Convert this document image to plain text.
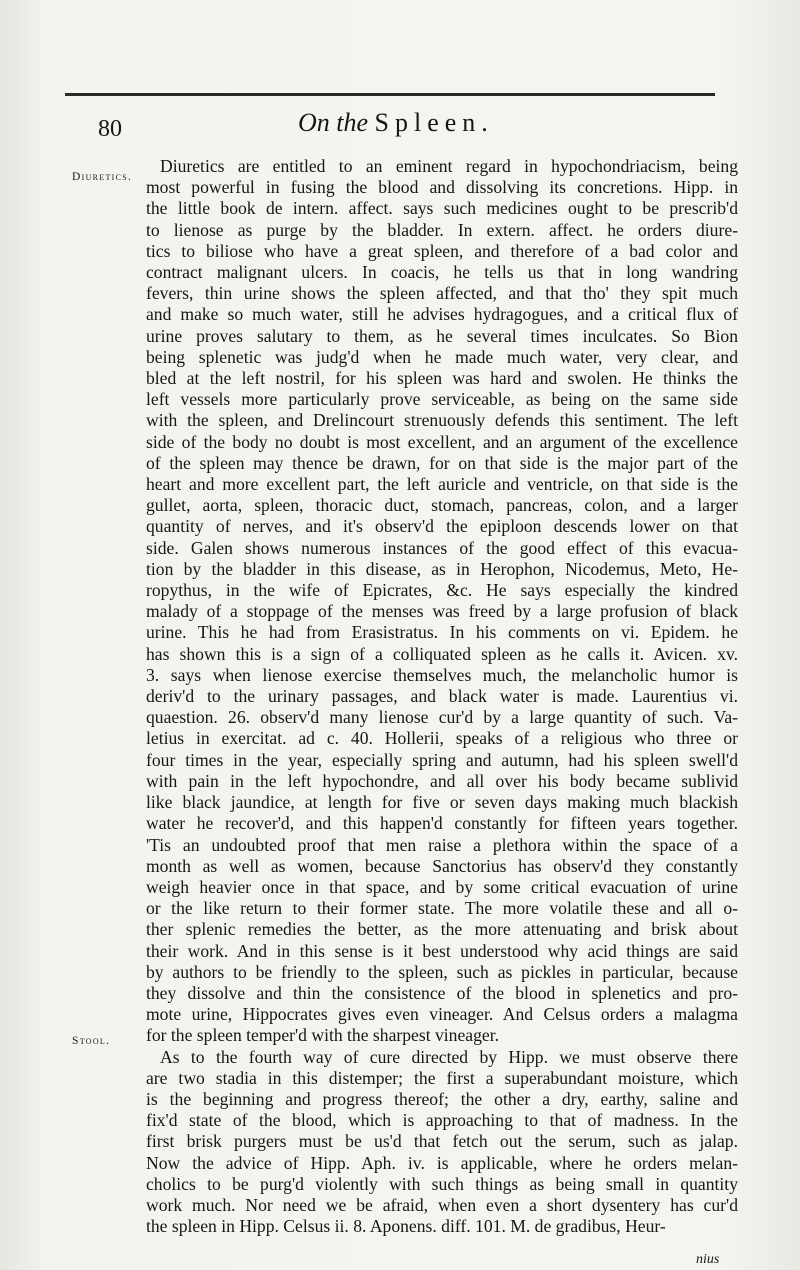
80	On the Spleen.
Diuretics.
Stool.
Diuretics are entitled to an eminent regard in hypochondriacism, being
most powerful in fusing the blood and dissolving its concretions. Hipp. in
the little book de intern. affect. says such medicines ought to be prescrib'd
to lienose as purge by the bladder. In extern. affect. he orders diure-
tics to biliose who have a great spleen, and therefore of a bad color and
contract malignant ulcers. In coacis, he tells us that in long wandring
fevers, thin urine shows the spleen affected, and that tho' they spit much
and make so much water, still he advises hydragogues, and a critical flux of
urine proves salutary to them, as he several times inculcates. So Bion
being splenetic was judg'd when he made much water, very clear, and
bled at the left nostril, for his spleen was hard and swolen. He thinks the
left vessels more particularly prove serviceable, as being on the same side
with the spleen, and Drelincourt strenuously defends this sentiment. The left
side of the body no doubt is most excellent, and an argument of the excellence
of the spleen may thence be drawn, for on that side is the major part of the
heart and more excellent part, the left auricle and ventricle, on that side is the
gullet, aorta, spleen, thoracic duct, stomach, pancreas, colon, and a larger
quantity of nerves, and it's observ'd the epiploon descends lower on that
side. Galen shows numerous instances of the good effect of this evacua-
tion by the bladder in this disease, as in Herophon, Nicodemus, Meto, He-
ropythus, in the wife of Epicrates, &c. He says especially the kindred
malady of a stoppage of the menses was freed by a large profusion of black
urine. This he had from Erasistratus. In his comments on vi. Epidem. he
has shown this is a sign of a colliquated spleen as he calls it. Avicen. xv.
3. says when lienose exercise themselves much, the melancholic humor is
deriv'd to the urinary passages, and black water is made. Laurentius vi.
quaestion. 26. observ'd many lienose cur'd by a large quantity of such. Va-
letius in exercitat. ad c. 40. Hollerii, speaks of a religious who three or
four times in the year, especially spring and autumn, had his spleen swell'd
with pain in the left hypochondre, and all over his body became sublivid
like black jaundice, at length for five or seven days making much blackish
water he recover'd, and this happen'd constantly for fifteen years together.
'Tis an undoubted proof that men raise a plethora within the space of a
month as well as women, because Sanctorius has observ'd they constantly
weigh heavier once in that space, and by some critical evacuation of urine
or the like return to their former state. The more volatile these and all o-
ther splenic remedies the better, as the more attenuating and brisk about
their work. And in this sense is it best understood why acid things are said
by authors to be friendly to the spleen, such as pickles in particular, because
they dissolve and thin the consistence of the blood in splenetics and pro-
mote urine, Hippocrates gives even vineager. And Celsus orders a malagma
for the spleen temper'd with the sharpest vineager.
As to the fourth way of cure directed by Hipp. we must observe there
are two stadia in this distemper; the first a superabundant moisture, which
is the beginning and progress thereof; the other a dry, earthy, saline and
fix'd state of the blood, which is approaching to that of madness. In the
first brisk purgers must be us'd that fetch out the serum, such as jalap.
Now the advice of Hipp. Aph. iv. is applicable, where he orders melan-
cholics to be purg'd violently with such things as being small in quantity
work much. Nor need we be afraid, when even a short dysentery has cur'd
the spleen in Hipp. Celsus ii. 8. Aponens. diff. 101. M. de gradibus, Heur-
nius
